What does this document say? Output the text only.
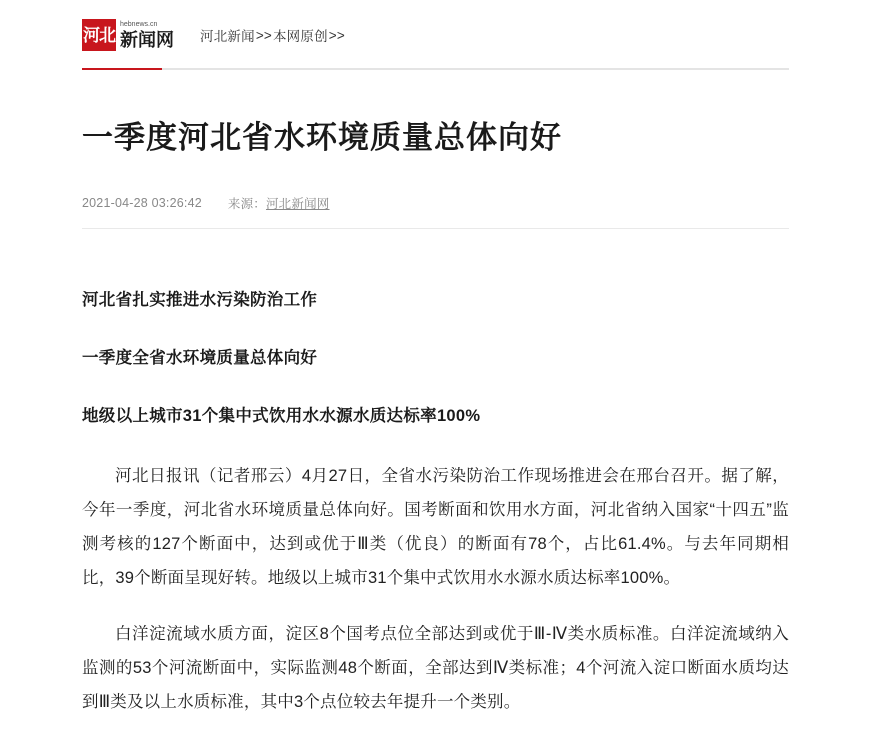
河北
hebnews.cn
新闻网 河北新闻 >> 本网原创 >>
一季度河北省水环境质量总体向好
2021-04-28 03:26:42 来源： 河北新闻网

河北省扎实推进水污染防治工作

一季度全省水环境质量总体向好

地级以上城市31个集中式饮用水水源水质达标率100%

河北日报讯（记者邢云）4月27日，全省水污染防治工作现场推进会在邢台召开。据了解，今年一季度，河北省水环境质量总体向好。国考断面和饮用水方面，河北省纳入国家“十四五”监测考核的127个断面中，达到或优于Ⅲ类（优良）的断面有78个，占比61.4%。与去年同期相比，39个断面呈现好转。地级以上城市31个集中式饮用水水源水质达标率100%。

白洋淀流域水质方面，淀区8个国考点位全部达到或优于Ⅲ-Ⅳ类水质标准。白洋淀流域纳入监测的53个河流断面中，实际监测48个断面，全部达到Ⅳ类标准；4个河流入淀口断面水质均达到Ⅲ类及以上水质标准，其中3个点位较去年提升一个类别。
